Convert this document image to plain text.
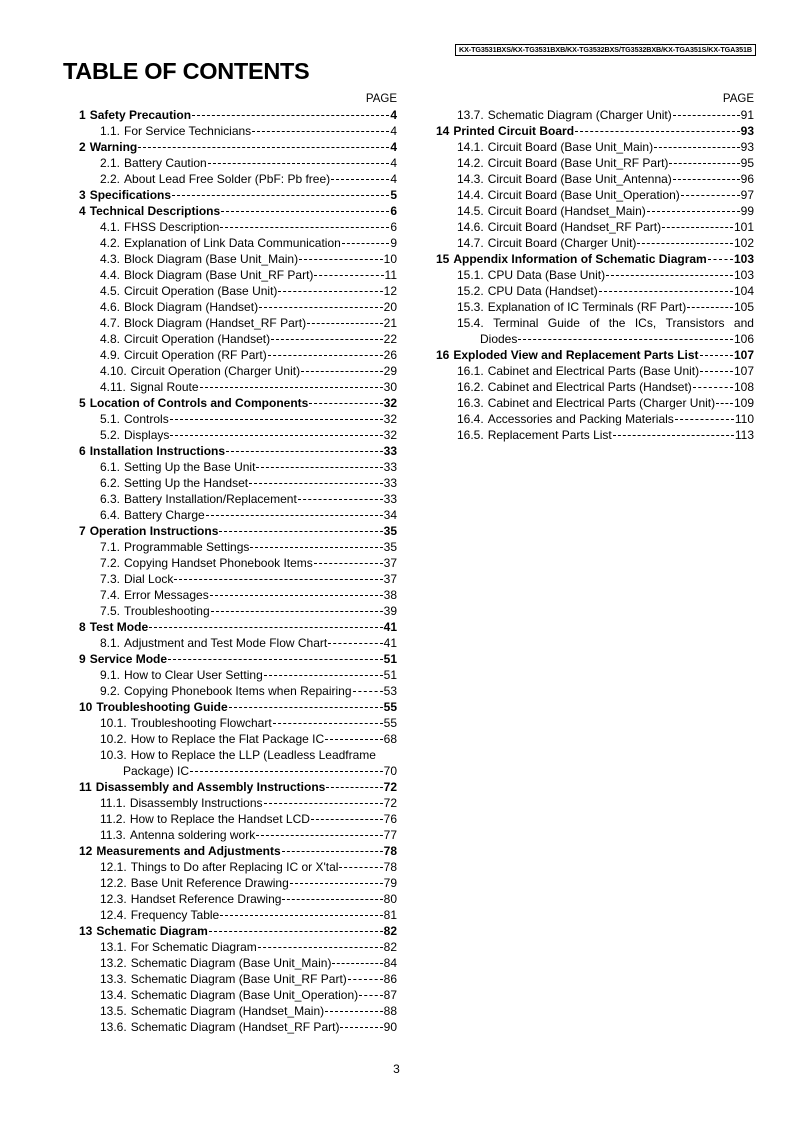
KX-TG3531BXS/KX-TG3531BXB/KX-TG3532BXS/TG3532BXB/KX-TGA351S/KX-TGA351B
TABLE OF CONTENTS
PAGE
1 Safety Precaution	4
1.1. For Service Technicians	4
2 Warning	4
2.1. Battery Caution	4
2.2. About Lead Free Solder (PbF: Pb free)	4
3 Specifications	5
4 Technical Descriptions	6
4.1. FHSS Description	6
4.2. Explanation of Link Data Communication	9
4.3. Block Diagram (Base Unit_Main)	10
4.4. Block Diagram (Base Unit_RF Part)	11
4.5. Circuit Operation (Base Unit)	12
4.6. Block Diagram (Handset)	20
4.7. Block Diagram (Handset_RF Part)	21
4.8. Circuit Operation (Handset)	22
4.9. Circuit Operation (RF Part)	26
4.10. Circuit Operation (Charger Unit)	29
4.11. Signal Route	30
5 Location of Controls and Components	32
5.1. Controls	32
5.2. Displays	32
6 Installation Instructions	33
6.1. Setting Up the Base Unit	33
6.2. Setting Up the Handset	33
6.3. Battery Installation/Replacement	33
6.4. Battery Charge	34
7 Operation Instructions	35
7.1. Programmable Settings	35
7.2. Copying Handset Phonebook Items	37
7.3. Dial Lock	37
7.4. Error Messages	38
7.5. Troubleshooting	39
8 Test Mode	41
8.1. Adjustment and Test Mode Flow Chart	41
9 Service Mode	51
9.1. How to Clear User Setting	51
9.2. Copying Phonebook Items when Repairing	53
10 Troubleshooting Guide	55
10.1. Troubleshooting Flowchart	55
10.2. How to Replace the Flat Package IC	68
10.3. How to Replace the LLP (Leadless Leadframe
Package) IC	70
11 Disassembly and Assembly Instructions	72
11.1. Disassembly Instructions	72
11.2. How to Replace the Handset LCD	76
11.3. Antenna soldering work	77
12 Measurements and Adjustments	78
12.1. Things to Do after Replacing IC or X'tal	78
12.2. Base Unit Reference Drawing	79
12.3. Handset Reference Drawing	80
12.4. Frequency Table	81
13 Schematic Diagram	82
13.1. For Schematic Diagram	82
13.2. Schematic Diagram (Base Unit_Main)	84
13.3. Schematic Diagram (Base Unit_RF Part)	86
13.4. Schematic Diagram (Base Unit_Operation) 87
13.5. Schematic Diagram (Handset_Main)	88
13.6. Schematic Diagram (Handset_RF Part)	90
PAGE
13.7. Schematic Diagram (Charger Unit)	91
14 Printed Circuit Board	93
14.1. Circuit Board (Base Unit_Main)	93
14.2. Circuit Board (Base Unit_RF Part)	95
14.3. Circuit Board (Base Unit_Antenna)	96
14.4. Circuit Board (Base Unit_Operation)	97
14.5. Circuit Board (Handset_Main)	99
14.6. Circuit Board (Handset_RF Part)	101
14.7. Circuit Board (Charger Unit)	102
15 Appendix Information of Schematic Diagram 103
15.1. CPU Data (Base Unit)	103
15.2. CPU Data (Handset)	104
15.3. Explanation of IC Terminals (RF Part)	105
15.4. Terminal Guide of the ICs, Transistors and
Diodes	106
16 Exploded View and Replacement Parts List	107
16.1. Cabinet and Electrical Parts (Base Unit)	107
16.2. Cabinet and Electrical Parts (Handset)	108
16.3. Cabinet and Electrical Parts (Charger Unit) 109
16.4. Accessories and Packing Materials	110
16.5. Replacement Parts List	113
3
